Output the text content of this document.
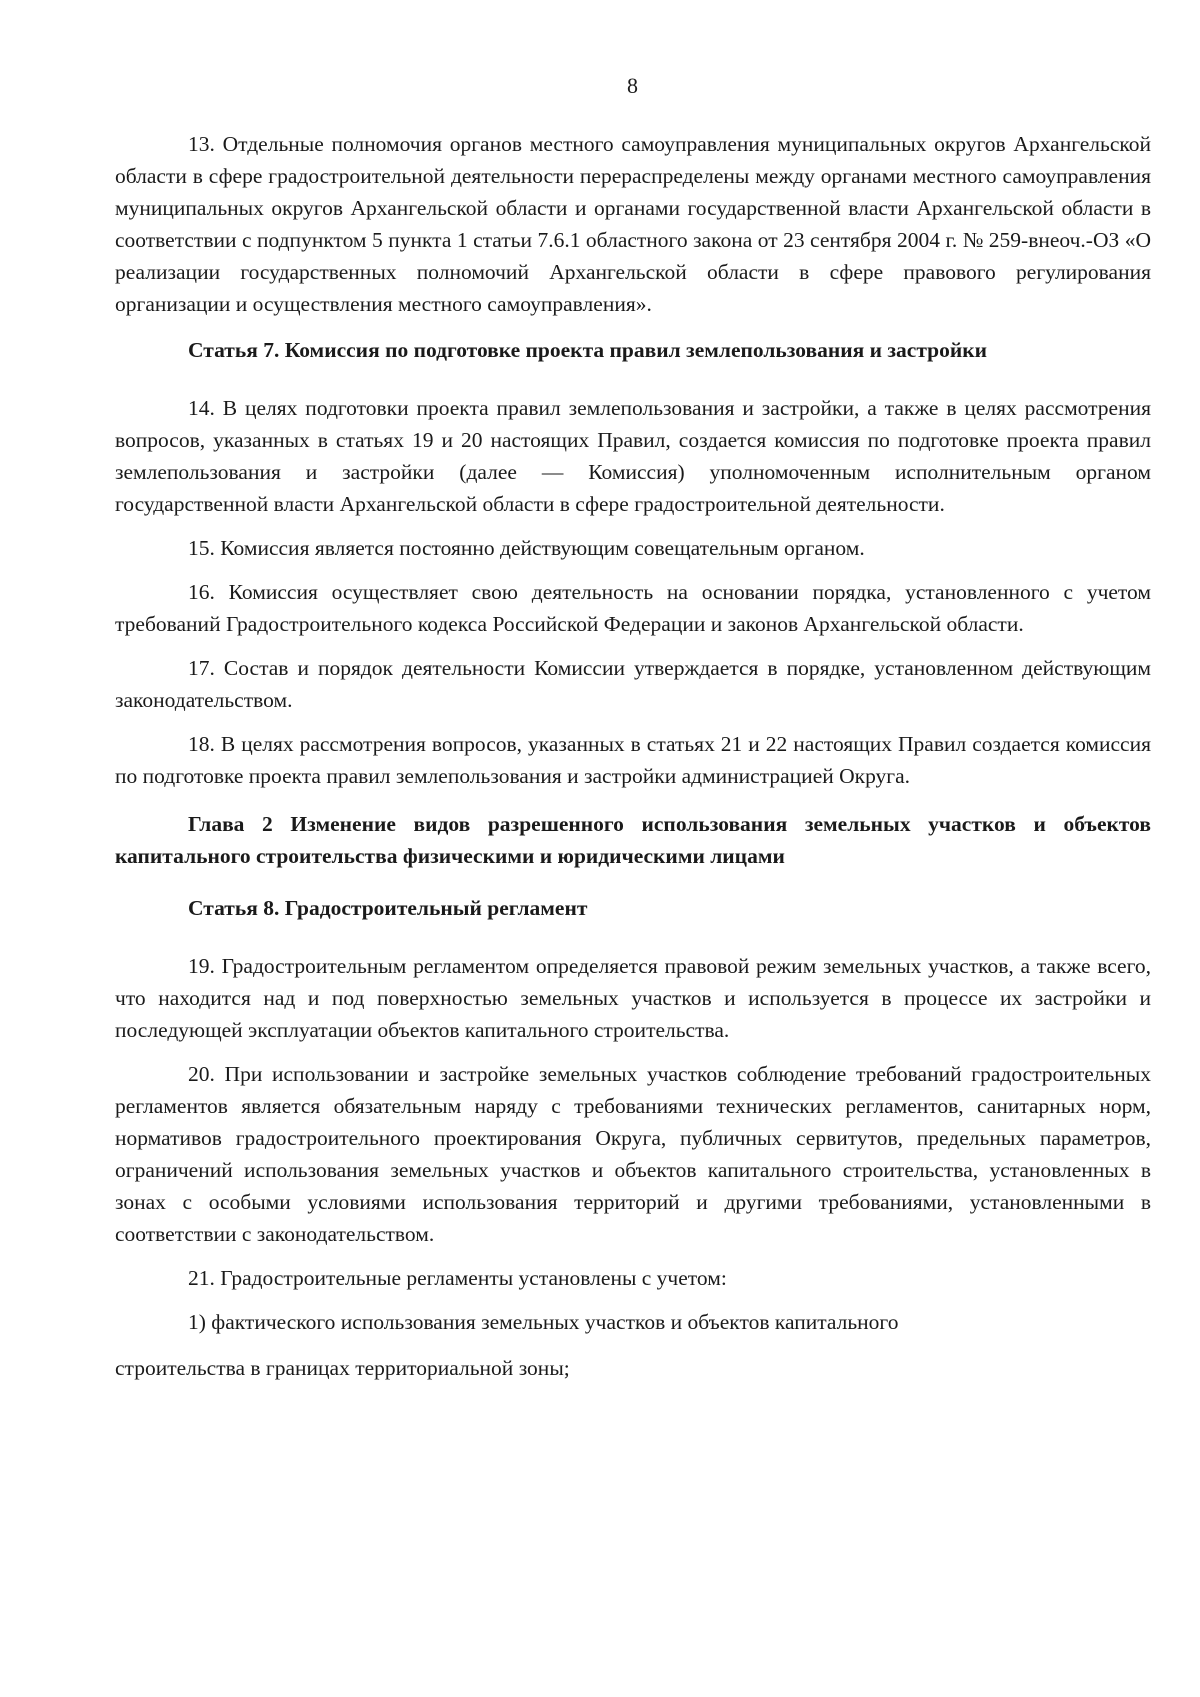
8

13. Отдельные полномочия органов местного самоуправления муниципальных округов Архангельской области в сфере градостроительной деятельности перераспределены между органами местного самоуправления муниципальных округов Архангельской области и органами государственной власти Архангельской области в соответствии с подпунктом 5 пункта 1 статьи 7.6.1 областного закона от 23 сентября 2004 г. № 259-внеоч.-ОЗ «О реализации государственных полномочий Архангельской области в сфере правового регулирования организации и осуществления местного самоуправления».

Статья 7. Комиссия по подготовке проекта правил землепользования и застройки

14. В целях подготовки проекта правил землепользования и застройки, а также в целях рассмотрения вопросов, указанных в статьях 19 и 20 настоящих Правил, создается комиссия по подготовке проекта правил землепользования и застройки (далее — Комиссия) уполномоченным исполнительным органом государственной власти Архангельской области в сфере градостроительной деятельности.

15. Комиссия является постоянно действующим совещательным органом.

16. Комиссия осуществляет свою деятельность на основании порядка, установленного с учетом требований Градостроительного кодекса Российской Федерации и законов Архангельской области.

17. Состав и порядок деятельности Комиссии утверждается в порядке, установленном действующим законодательством.

18. В целях рассмотрения вопросов, указанных в статьях 21 и 22 настоящих Правил создается комиссия по подготовке проекта правил землепользования и застройки администрацией Округа.

Глава 2 Изменение видов разрешенного использования земельных участков и объектов капитального строительства физическими и юридическими лицами

Статья 8. Градостроительный регламент

19. Градостроительным регламентом определяется правовой режим земельных участков, а также всего, что находится над и под поверхностью земельных участков и используется в процессе их застройки и последующей эксплуатации объектов капитального строительства.

20. При использовании и застройке земельных участков соблюдение требований градостроительных регламентов является обязательным наряду с требованиями технических регламентов, санитарных норм, нормативов градостроительного проектирования Округа, публичных сервитутов, предельных параметров, ограничений использования земельных участков и объектов капитального строительства, установленных в зонах с особыми условиями использования территорий и другими требованиями, установленными в соответствии с законодательством.

21. Градостроительные регламенты установлены с учетом:

1) фактического использования земельных участков и объектов капитального

строительства в границах территориальной зоны;
